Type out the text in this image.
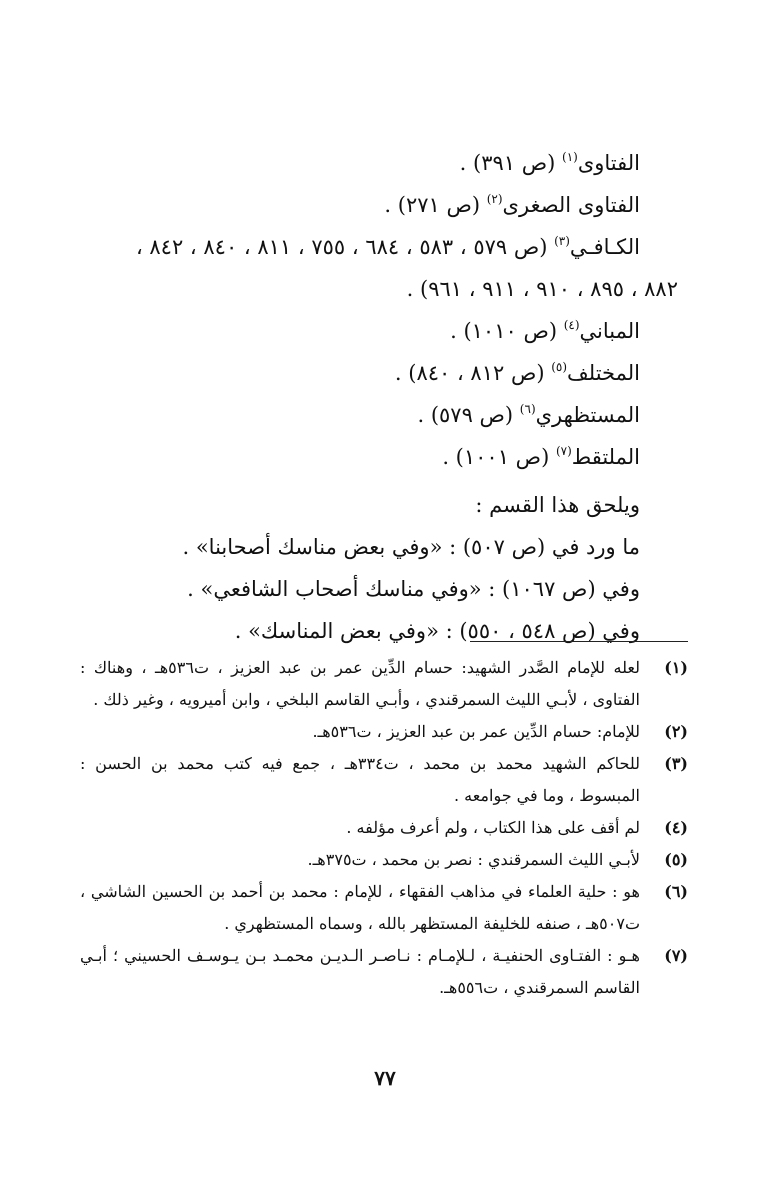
الفتاوى$^{(١)}$ (ص ٣٩١) .
الفتاوى الصغرى$^{(٢)}$ (ص ٢٧١) .
الكـافـي$^{(٣)}$ (ص ٥٧٩ ، ٥٨٣ ، ٦٨٤ ، ٧٥٥ ، ٨١١ ، ٨٤٠ ، ٨٤٢ ،
٨٨٢ ، ٨٩٥ ، ٩١٠ ، ٩١١ ، ٩٦١) .
المباني$^{(٤)}$ (ص ١٠١٠) .
المختلف$^{(٥)}$ (ص ٨١٢ ، ٨٤٠) .
المستظهري$^{(٦)}$ (ص ٥٧٩) .
الملتقط$^{(٧)}$ (ص ١٠٠١) .
ويلحق هذا القسم :
ما ورد في (ص ٥٠٧) : «وفي بعض مناسك أصحابنا» .
وفي (ص ١٠٦٧) : «وفي مناسك أصحاب الشافعي» .
وفي (ص ٥٤٨ ، ٥٥٠) : «وفي بعض المناسك» .
(١)
لعله للإمام الصَّدر الشهيد: حسام الدِّين عمر بن عبد العزيز ، ت٥٣٦هـ ، وهناك : الفتاوى ، لأبـي الليث السمرقندي ، وأبـي القاسم البلخي ، وابن أميرويه ، وغير ذلك .
(٢)
للإمام: حسام الدِّين عمر بن عبد العزيز ، ت٥٣٦هـ.
(٣)
للحاكم الشهيد محمد بن محمد ، ت٣٣٤هـ ، جمع فيه كتب محمد بن الحسن : المبسوط ، وما في جوامعه .
(٤)
لم أقف على هذا الكتاب ، ولم أعرف مؤلفه .
(٥)
لأبـي الليث السمرقندي : نصر بن محمد ، ت٣٧٥هـ.
(٦)
هو : حلية العلماء في مذاهب الفقهاء ، للإمام : محمد بن أحمد بن الحسين الشاشي ، ت٥٠٧هـ ، صنفه للخليفة المستظهر بالله ، وسماه المستظهري .
(٧)
هـو : الفتـاوى الحنفيـة ، لـلإمـام : نـاصـر الـديـن محمـد بـن يـوسـف الحسيني ؛ أبـي القاسم السمرقندي ، ت٥٥٦هـ.
٧٧
